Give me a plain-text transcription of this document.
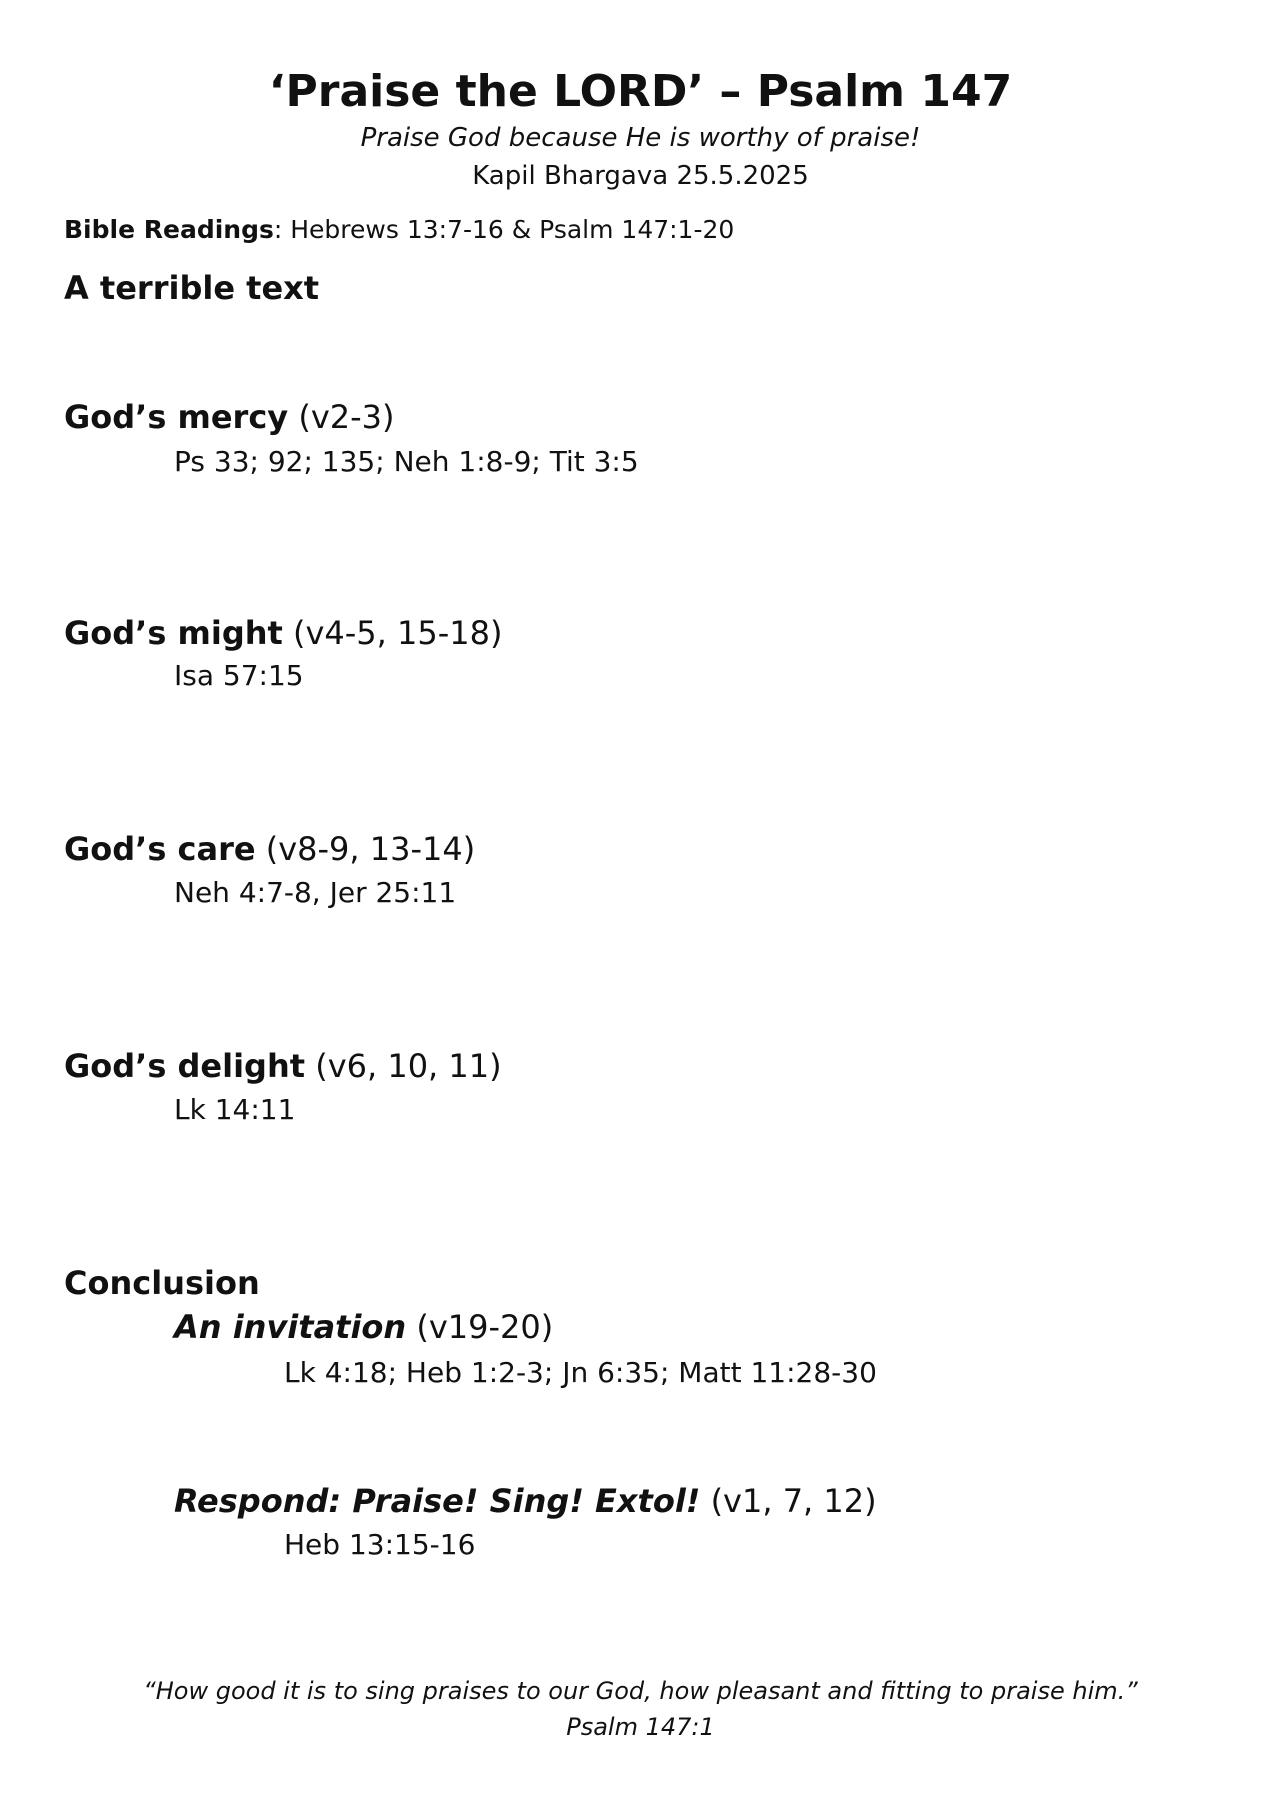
‘Praise the LORD’ – Psalm 147
Praise God because He is worthy of praise!
Kapil Bhargava 25.5.2025
Bible Readings: Hebrews 13:7-16 & Psalm 147:1-20
A terrible text
God’s mercy (v2-3)
Ps 33; 92; 135; Neh 1:8-9; Tit 3:5
God’s might (v4-5, 15-18)
Isa 57:15
God’s care (v8-9, 13-14)
Neh 4:7-8, Jer 25:11
God’s delight (v6, 10, 11)
Lk 14:11
Conclusion
An invitation (v19-20)
Lk 4:18; Heb 1:2-3; Jn 6:35; Matt 11:28-30
Respond: Praise! Sing! Extol! (v1, 7, 12)
Heb 13:15-16
“How good it is to sing praises to our God, how pleasant and fitting to praise him.”
Psalm 147:1
